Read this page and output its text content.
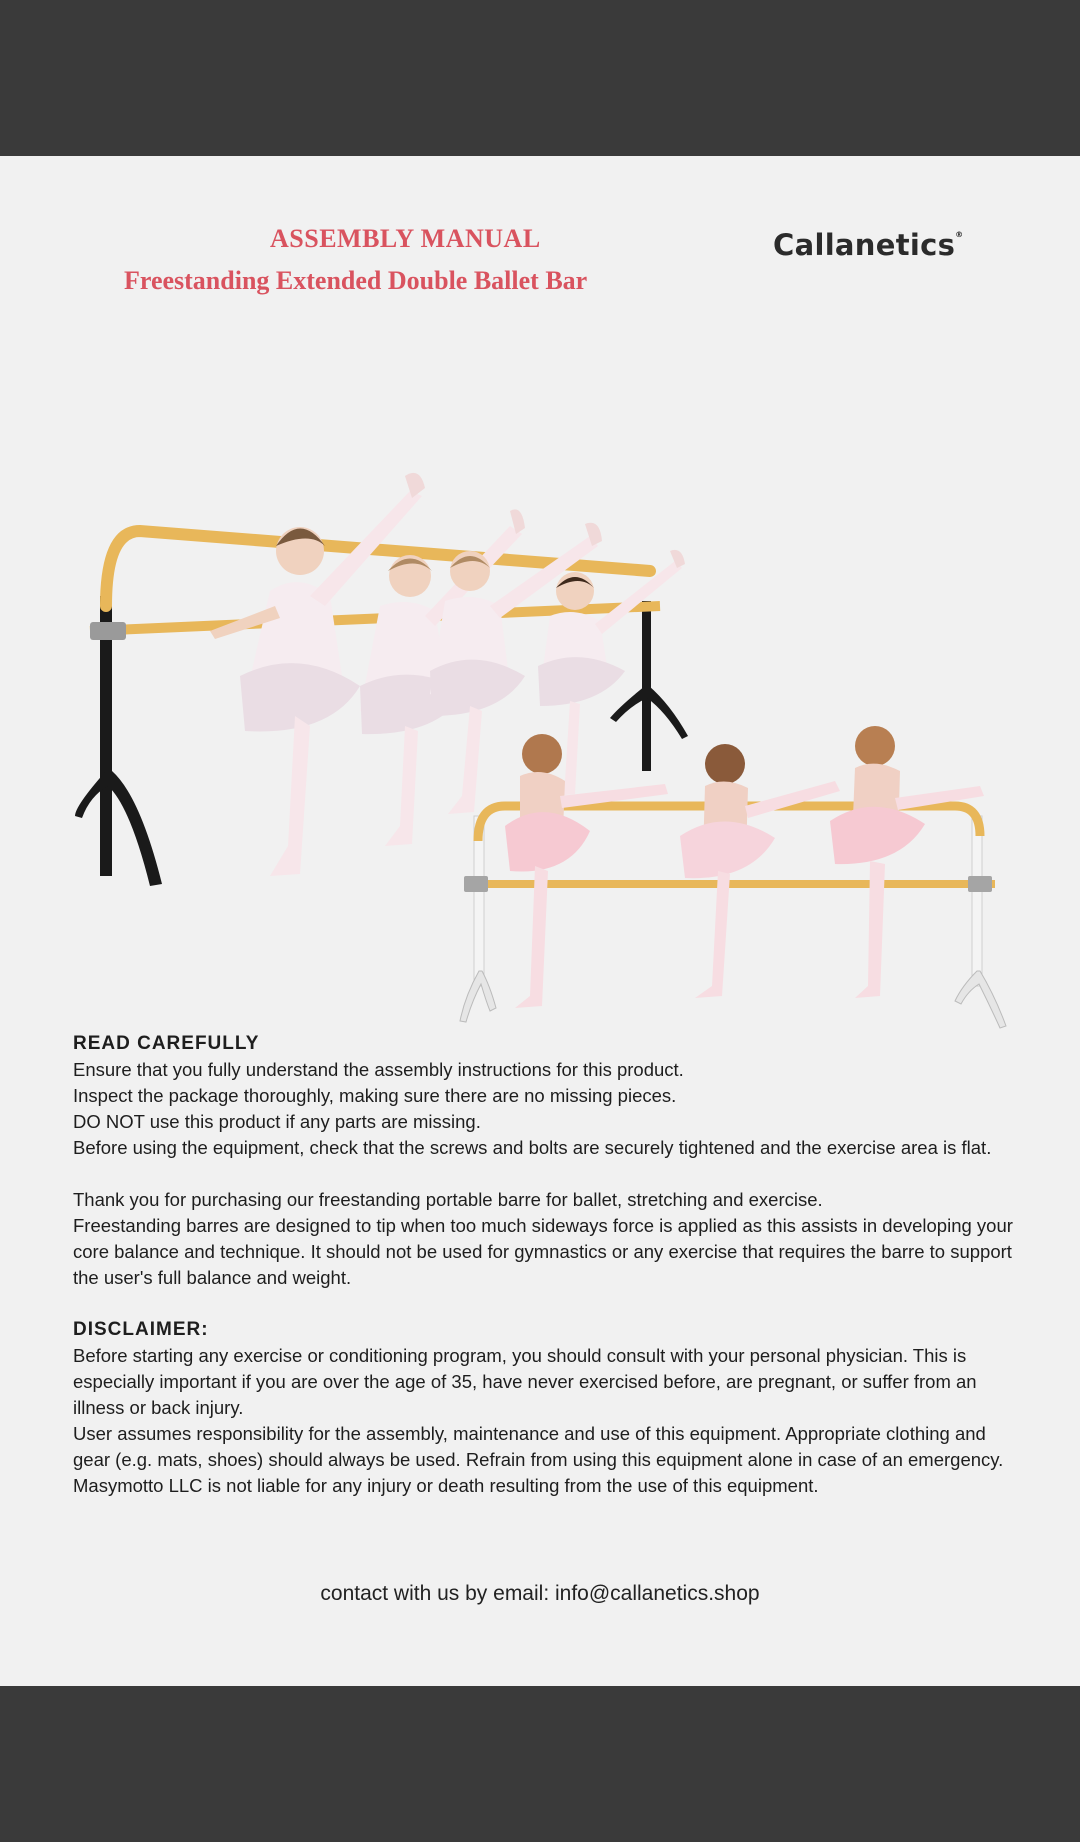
ASSEMBLY MANUAL
Freestanding Extended Double Ballet Bar
Callanetics®
READ CAREFULLY

Ensure that you fully understand the assembly instructions for this product.

Inspect the package thoroughly, making sure there are no missing pieces.

DO NOT use this product if any parts are missing.

Before using the equipment, check that the screws and bolts are securely tightened and the exercise area is flat.

Thank you for purchasing our freestanding portable barre for ballet, stretching and exercise.

Freestanding barres are designed to tip when too much sideways force is applied as this assists in developing your core balance and technique. It should not be used for gymnastics or any exercise that requires the barre to support the user's full balance and weight.

DISCLAIMER:

Before starting any exercise or conditioning program, you should consult with your personal physician. This is especially important if you are over the age of 35, have never exercised before, are pregnant, or suffer from an illness or back injury.

User assumes responsibility for the assembly, maintenance and use of this equipment. Appropriate clothing and gear (e.g. mats, shoes) should always be used. Refrain from using this equipment alone in case of an emergency. Masymotto LLC is not liable for any injury or death resulting from the use of this equipment.

contact with us by email: info@callanetics.shop
